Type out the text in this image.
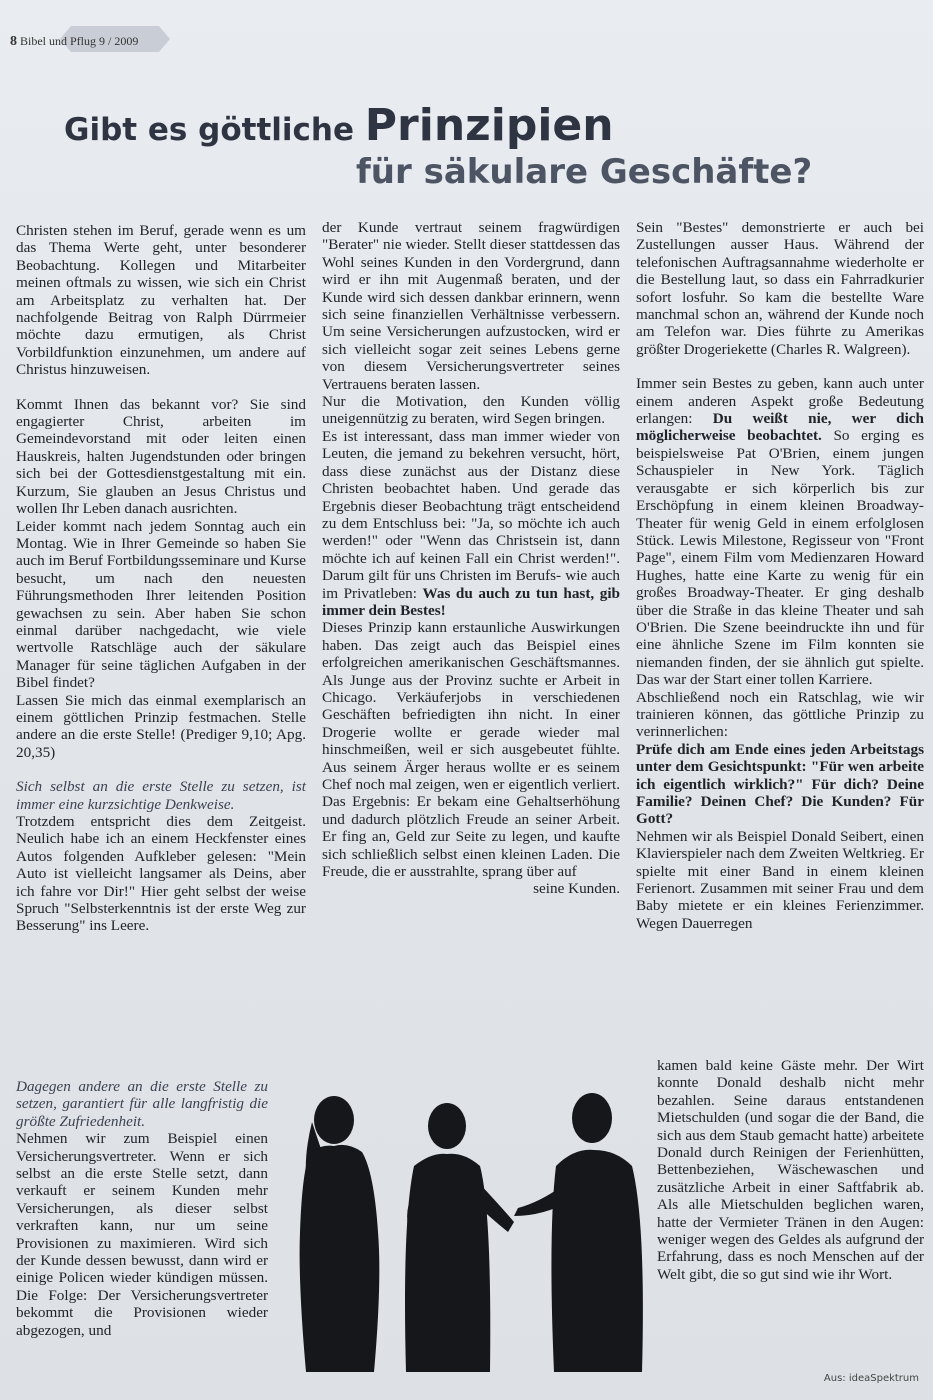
8 Bibel und Pflug 9 / 2009
Gibt es göttliche Prinzipien
für säkulare Geschäfte?

Christen stehen im Beruf, gerade wenn es um das Thema Werte geht, unter besonderer Beobachtung. Kollegen und Mitarbeiter meinen oftmals zu wissen, wie sich ein Christ am Arbeitsplatz zu verhalten hat. Der nachfolgende Beitrag von Ralph Dürrmeier möchte dazu ermutigen, als Christ Vorbildfunktion einzunehmen, um andere auf Christus hinzuweisen.

Kommt Ihnen das bekannt vor? Sie sind engagierter Christ, arbeiten im Gemeindevorstand mit oder leiten einen Hauskreis, halten Jugendstunden oder bringen sich bei der Gottesdienstgestaltung mit ein. Kurzum, Sie glauben an Jesus Christus und wollen Ihr Leben danach ausrichten.

Leider kommt nach jedem Sonntag auch ein Montag. Wie in Ihrer Gemeinde so haben Sie auch im Beruf Fortbildungsseminare und Kurse besucht, um nach den neuesten Führungsmethoden Ihrer leitenden Position gewachsen zu sein. Aber haben Sie schon einmal darüber nachgedacht, wie viele wertvolle Ratschläge auch der säkulare Manager für seine täglichen Aufgaben in der Bibel findet?

Lassen Sie mich das einmal exemplarisch an einem göttlichen Prinzip festmachen. Stelle andere an die erste Stelle! (Prediger 9,10; Apg. 20,35)

Sich selbst an die erste Stelle zu setzen, ist immer eine kurzsichtige Denkweise.

Trotzdem entspricht dies dem Zeitgeist. Neulich habe ich an einem Heckfenster eines Autos folgenden Aufkleber gelesen: "Mein Auto ist vielleicht langsamer als Deins, aber ich fahre vor Dir!" Hier geht selbst der weise Spruch "Selbsterkenntnis ist der erste Weg zur Besserung" ins Leere.

Dagegen andere an die erste Stelle zu setzen, garantiert für alle langfristig die größte Zufriedenheit.

Nehmen wir zum Beispiel einen Versicherungsvertreter. Wenn er sich selbst an die erste Stelle setzt, dann verkauft er seinem Kunden mehr Versicherungen, als dieser selbst verkraften kann, nur um seine Provisionen zu maximieren. Wird sich der Kunde dessen bewusst, dann wird er einige Policen wieder kündigen müssen. Die Folge: Der Versicherungsvertreter bekommt die Provisionen wieder abgezogen, und

der Kunde vertraut seinem fragwürdigen "Berater" nie wieder. Stellt dieser stattdessen das Wohl seines Kunden in den Vordergrund, dann wird er ihn mit Augenmaß beraten, und der Kunde wird sich dessen dankbar erinnern, wenn sich seine finanziellen Verhältnisse verbessern. Um seine Versicherungen aufzustocken, wird er sich vielleicht sogar zeit seines Lebens gerne von diesem Versicherungsvertreter seines Vertrauens beraten lassen.

Nur die Motivation, den Kunden völlig uneigennützig zu beraten, wird Segen bringen.

Es ist interessant, dass man immer wieder von Leuten, die jemand zu bekehren versucht, hört, dass diese zunächst aus der Distanz diese Christen beobachtet haben. Und gerade das Ergebnis dieser Beobachtung trägt entscheidend zu dem Entschluss bei: "Ja, so möchte ich auch werden!" oder "Wenn das Christsein ist, dann möchte ich auf keinen Fall ein Christ werden!". Darum gilt für uns Christen im Berufs- wie auch im Privatleben: Was du auch zu tun hast, gib immer dein Bestes!

Dieses Prinzip kann erstaunliche Auswirkungen haben. Das zeigt auch das Beispiel eines erfolgreichen amerikanischen Geschäftsmannes. Als Junge aus der Provinz suchte er Arbeit in Chicago. Verkäuferjobs in verschiedenen Geschäften befriedigten ihn nicht. In einer Drogerie wollte er gerade wieder mal hinschmeißen, weil er sich ausgebeutet fühlte. Aus seinem Ärger heraus wollte er es seinem Chef noch mal zeigen, wen er eigentlich verliert. Das Ergebnis: Er bekam eine Gehaltserhöhung und dadurch plötzlich Freude an seiner Arbeit. Er fing an, Geld zur Seite zu legen, und kaufte sich schließlich selbst einen kleinen Laden. Die Freude, die er ausstrahlte, sprang über auf

seine Kunden.

Sein "Bestes" demonstrierte er auch bei Zustellungen ausser Haus. Während der telefonischen Auftragsannahme wiederholte er die Bestellung laut, so dass ein Fahrradkurier sofort losfuhr. So kam die bestellte Ware manchmal schon an, während der Kunde noch am Telefon war. Dies führte zu Amerikas größter Drogeriekette (Charles R. Walgreen).

Immer sein Bestes zu geben, kann auch unter einem anderen Aspekt große Bedeutung erlangen: Du weißt nie, wer dich möglicherweise beobachtet. So erging es beispielsweise Pat O'Brien, einem jungen Schauspieler in New York. Täglich verausgabte er sich körperlich bis zur Erschöpfung in einem kleinen Broadway-Theater für wenig Geld in einem erfolglosen Stück. Lewis Milestone, Regisseur von "Front Page", einem Film vom Medienzaren Howard Hughes, hatte eine Karte zu wenig für ein großes Broadway-Theater. Er ging deshalb über die Straße in das kleine Theater und sah O'Brien. Die Szene beeindruckte ihn und für eine ähnliche Szene im Film konnten sie niemanden finden, der sie ähnlich gut spielte. Das war der Start einer tollen Karriere.

Abschließend noch ein Ratschlag, wie wir trainieren können, das göttliche Prinzip zu verinnerlichen:

Prüfe dich am Ende eines jeden Arbeitstags unter dem Gesichtspunkt: "Für wen arbeite ich eigentlich wirklich?" Für dich? Deine Familie? Deinen Chef? Die Kunden? Für Gott?

Nehmen wir als Beispiel Donald Seibert, einen Klavierspieler nach dem Zweiten Weltkrieg. Er spielte mit einer Band in einem kleinen Ferienort. Zusammen mit seiner Frau und dem Baby mietete er ein kleines Ferienzimmer. Wegen Dauerregen

kamen bald keine Gäste mehr. Der Wirt konnte Donald deshalb nicht mehr bezahlen. Seine daraus entstandenen Mietschulden (und sogar die der Band, die sich aus dem Staub gemacht hatte) arbeitete Donald durch Reinigen der Ferienhütten, Bettenbeziehen, Wäschewaschen und zusätzliche Arbeit in einer Saftfabrik ab. Als alle Mietschulden beglichen waren, hatte der Vermieter Tränen in den Augen: weniger wegen des Geldes als aufgrund der Erfahrung, dass es noch Menschen auf der Welt gibt, die so gut sind wie ihr Wort.

Aus: ideaSpektrum
